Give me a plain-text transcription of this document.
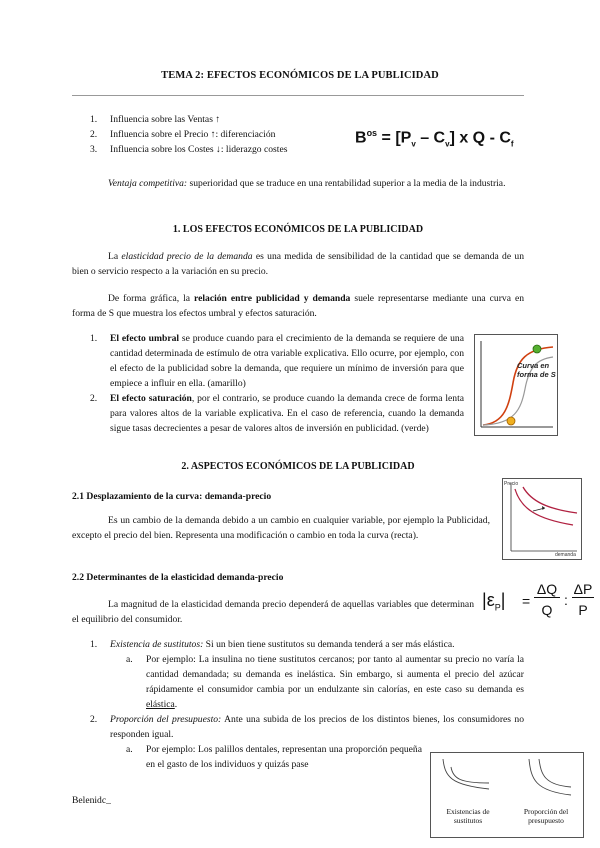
TEMA 2: EFECTOS ECONÓMICOS DE LA PUBLICIDAD
1. Influencia sobre las Ventas ↑
2. Influencia sobre el Precio ↑: diferenciación
3. Influencia sobre los Costes ↓: liderazgo costes
$B^{os} = [P_v - C_v]$ x Q - $C_f$
Ventaja competitiva: superioridad que se traduce en una rentabilidad superior a la media de la industria.
1. LOS EFECTOS ECONÓMICOS DE LA PUBLICIDAD
La elasticidad precio de la demanda es una medida de sensibilidad de la cantidad que se demanda de un bien o servicio respecto a la variación en su precio.
De forma gráfica, la relación entre publicidad y demanda suele representarse mediante una curva en forma de S que muestra los efectos umbral y efectos saturación.
1. El efecto umbral se produce cuando para el crecimiento de la demanda se requiere de una cantidad determinada de estímulo de otra variable explicativa. Ello ocurre, por ejemplo, con el efecto de la publicidad sobre la demanda, que requiere un mínimo de inversión para que empiece a influir en ella. (amarillo)
2. El efecto saturación, por el contrario, se produce cuando la demanda crece de forma lenta para valores altos de la variable explicativa. En el caso de referencia, cuando la demanda sigue tasas decrecientes a pesar de valores altos de inversión en publicidad. (verde)
Curva en forma de S
2. ASPECTOS ECONÓMICOS DE LA PUBLICIDAD
2.1 Desplazamiento de la curva: demanda-precio
Es un cambio de la demanda debido a un cambio en cualquier variable, por ejemplo la Publicidad, excepto el precio del bien. Representa una modificación o cambio en toda la curva (recta).
Precio
demanda
2.2 Determinantes de la elasticidad demanda-precio
La magnitud de la elasticidad demanda precio dependerá de aquellas variables que determinan el equilibrio del consumidor.
$|\varepsilon_P|$ =
ΔQ
Q
:
ΔP
P
1. Existencia de sustitutos: Si un bien tiene sustitutos su demanda tenderá a ser más elástica.
a. Por ejemplo: La insulina no tiene sustitutos cercanos; por tanto al aumentar su precio no varía la cantidad demandada; su demanda es inelástica. Sin embargo, si aumenta el precio del azúcar rápidamente el consumidor cambia por un endulzante sin calorías, en este caso su demanda es elástica.
2. Proporción del presupuesto: Ante una subida de los precios de los distintos bienes, los consumidores no responden igual.
a. Por ejemplo: Los palillos dentales, representan una proporción pequeña en el gasto de los individuos y quizás pase
Existencias de sustitutos
Proporción del presupuesto
Belenidc_
